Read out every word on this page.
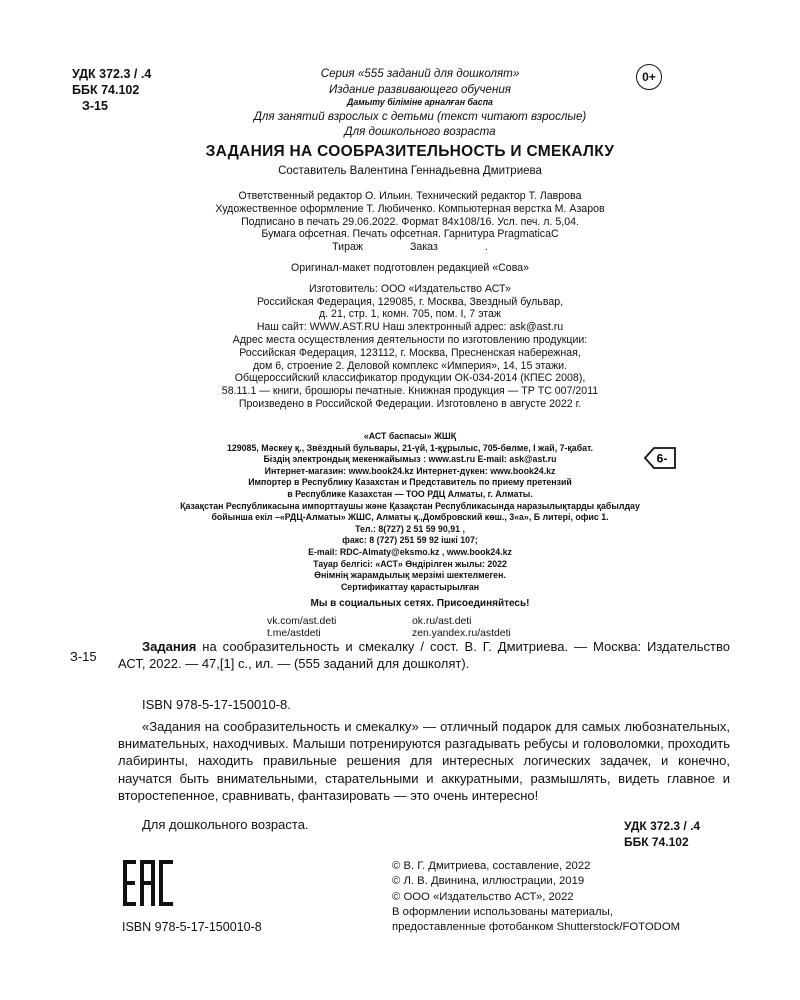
УДК 372.3 / .4
ББК 74.102
З-15
0+
Серия «555 заданий для дошколят»
Издание развивающего обучения
Дамыту біліміне арналған баспа
Для занятий взрослых с детьми (текст читают взрослые)
Для дошкольного возраста
ЗАДАНИЯ НА СООБРАЗИТЕЛЬНОСТЬ И СМЕКАЛКУ
Составитель Валентина Геннадьевна Дмитриева
Ответственный редактор О. Ильин. Технический редактор Т. Лаврова
Художественное оформление Т. Любиченко. Компьютерная верстка М. Азаров
Подписано в печать 29.06.2022. Формат 84x108/16. Усл. печ. л. 5,04.
Бумага офсетная. Печать офсетная. Гарнитура PragmaticaC
Тираж                Заказ                .
Оригинал-макет подготовлен редакцией «Сова»
Изготовитель: ООО «Издательство АСТ»
Российская Федерация, 129085, г. Москва, Звездный бульвар,
д. 21, стр. 1, комн. 705, пом. I, 7 этаж
Наш сайт: WWW.AST.RU Наш электронный адрес: ask@ast.ru
Адрес места осуществления деятельности по изготовлению продукции:
Российская Федерация, 123112, г. Москва, Пресненская набережная,
дом 6, строение 2. Деловой комплекс «Империя», 14, 15 этажи.
Общероссийский классификатор продукции ОК-034-2014 (КПЕС 2008),
58.11.1 — книги, брошюры печатные. Книжная продукция — ТР ТС 007/2011
Произведено в Российской Федерации. Изготовлено в августе 2022 г.
«АСТ баспасы» ЖШҚ
129085, Мәскеу қ., Звёздный бульвары, 21-үй, 1-құрылыс, 705-бөлме, I жай, 7-қабат.
Біздің электрондық мекенжайымыз : www.ast.ru E-mail: ask@ast.ru
Интернет-магазин: www.book24.kz Интернет-дүкен: www.book24.kz
Импортер в Республику Казахстан и Представитель по приему претензий
в Республике Казахстан — ТОО РДЦ Алматы, г. Алматы.
Қазақстан Республикасына импорттаушы және Қазақстан Республикасында наразылықтарды қабылдау
бойынша екіл –«РДЦ-Алматы» ЖШС, Алматы қ.,Домбровский көш., 3«а», Б литері, офис 1.
Тел.: 8(727) 2 51 59 90,91 ,
факс: 8 (727) 251 59 92 ішкі 107;
E-mail: RDC-Almaty@eksmo.kz , www.book24.kz
Тауар белгісі: «АСТ» Өндірілген жылы: 2022
Өнімнің жарамдылық мерзімі шектелмеген.
Сертификаттау қарастырылған
6-
Мы в социальных сетях. Присоединяйтесь!
vk.com/ast.deti
t.me/astdeti
ok.ru/ast.deti
zen.yandex.ru/astdeti
З-15
Задания на сообразительность и смекалку / сост. В. Г. Дмитриева. — Москва: Издательство АСТ, 2022. — 47,[1] с., ил. — (555 заданий для дошколят).
ISBN 978-5-17-150010-8.
«Задания на сообразительность и смекалку» — отличный подарок для самых любознательных, внимательных, находчивых. Малыши потренируются разгадывать ребусы и головоломки, проходить лабиринты, находить правильные решения для интересных логических задачек, и конечно, научатся быть внимательными, старательными и аккуратными, размышлять, видеть главное и второстепенное, сравнивать, фантазировать — это очень интересно!
Для дошкольного возраста.	УДК 372.3 / .4
ББК 74.102
ISBN 978-5-17-150010-8
© В. Г. Дмитриева, составление, 2022
© Л. В. Двинина, иллюстрации, 2019
© ООО «Издательство АСТ», 2022
В оформлении использованы материалы,
предоставленные фотобанком Shutterstock/FOTODOM
